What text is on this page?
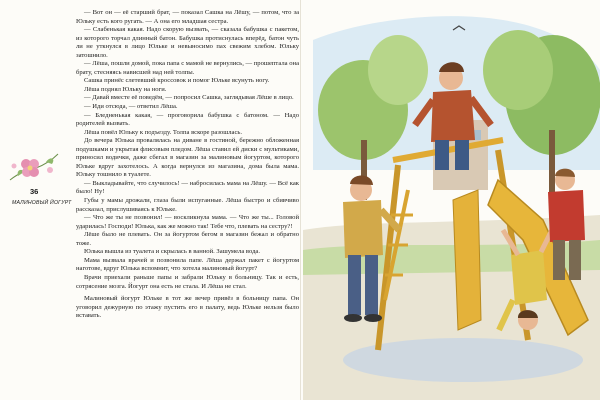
36
МАЛИНОВЫЙ ЙОГУРТ

— Вот он — её старший брат, — показал Сашка на Лёшу, — потом, что за Юльку есть кого ругать. — А она его младшая сестра.

— Слабенькая какая. Надо скорую вызвать, — сказала бабушка с пакетом, из которого торчал длинный батон. Бабушка протиснулась вперёд, батон чуть ли не уткнулся в лицо Юльке и невыносимо пах свежим хлебом. Юльку затошнило.

— Лёша, пошли домой, пока папа с мамой не вернулись, — прошептала она брату, стесняясь нависшей над ней толпы.

Сашка принёс слетевший кроссовок и помог Юльке всунуть ногу.

Лёша поднял Юльку на ноги.

— Давай вместе её поведём, — попросил Сашка, заглядывая Лёше в лицо.

— Иди отсюда, — ответил Лёша.

— Бледненькая какая, — проговорила бабушка с батоном. — Надо родителей вызвать.

Лёша повёл Юльку к подъезду. Толпа вскоре разошлась.

До вечера Юлька провалялась на диване в гостиной, бережно обложенная подушками и укрытая флисовым пледом. Лёша ставил ей диски с мультиками, приносил водички, даже сбегал в магазин за малиновым йогуртом, которого Юльке вдруг захотелось. А когда вернулся из магазина, дома была мама. Юльку тошнило в туалете.

— Выкладывайте, что случилось! — набросилась мама на Лёшу. — Всё как было! Ну!

Губы у мамы дрожали, глаза были испуганные. Лёша быстро и сбивчиво рассказал, прислушиваясь к Юльке.

— Что же ты не позвонил! — воскликнула мама. — Что же ты... Головой ударилась! Господи! Юлька, как же можно так! Тебе что, плевать на сестру?!

Лёше было не плевать. Он за йогуртом бегом в магазин бежал и обратно тоже.

Юлька вышла из туалета и скрылась в ванной. Зашумела вода.

Мама вызвала врачей и позвонила папе. Лёша держал пакет с йогуртом наготове, вдруг Юлька вспомнит, что хотела малиновый йогурт?

Врачи приехали раньше папы и забрали Юльку в больницу. Так и есть, сотрясение мозга. Йогурт она есть не стала. И Лёша не стал.

Малиновый йогурт Юльке в тот же вечер привёз в больницу папа. Он уговорил дежурную по этажу пустить его в палату, ведь Юльке нельзя было вставать.
